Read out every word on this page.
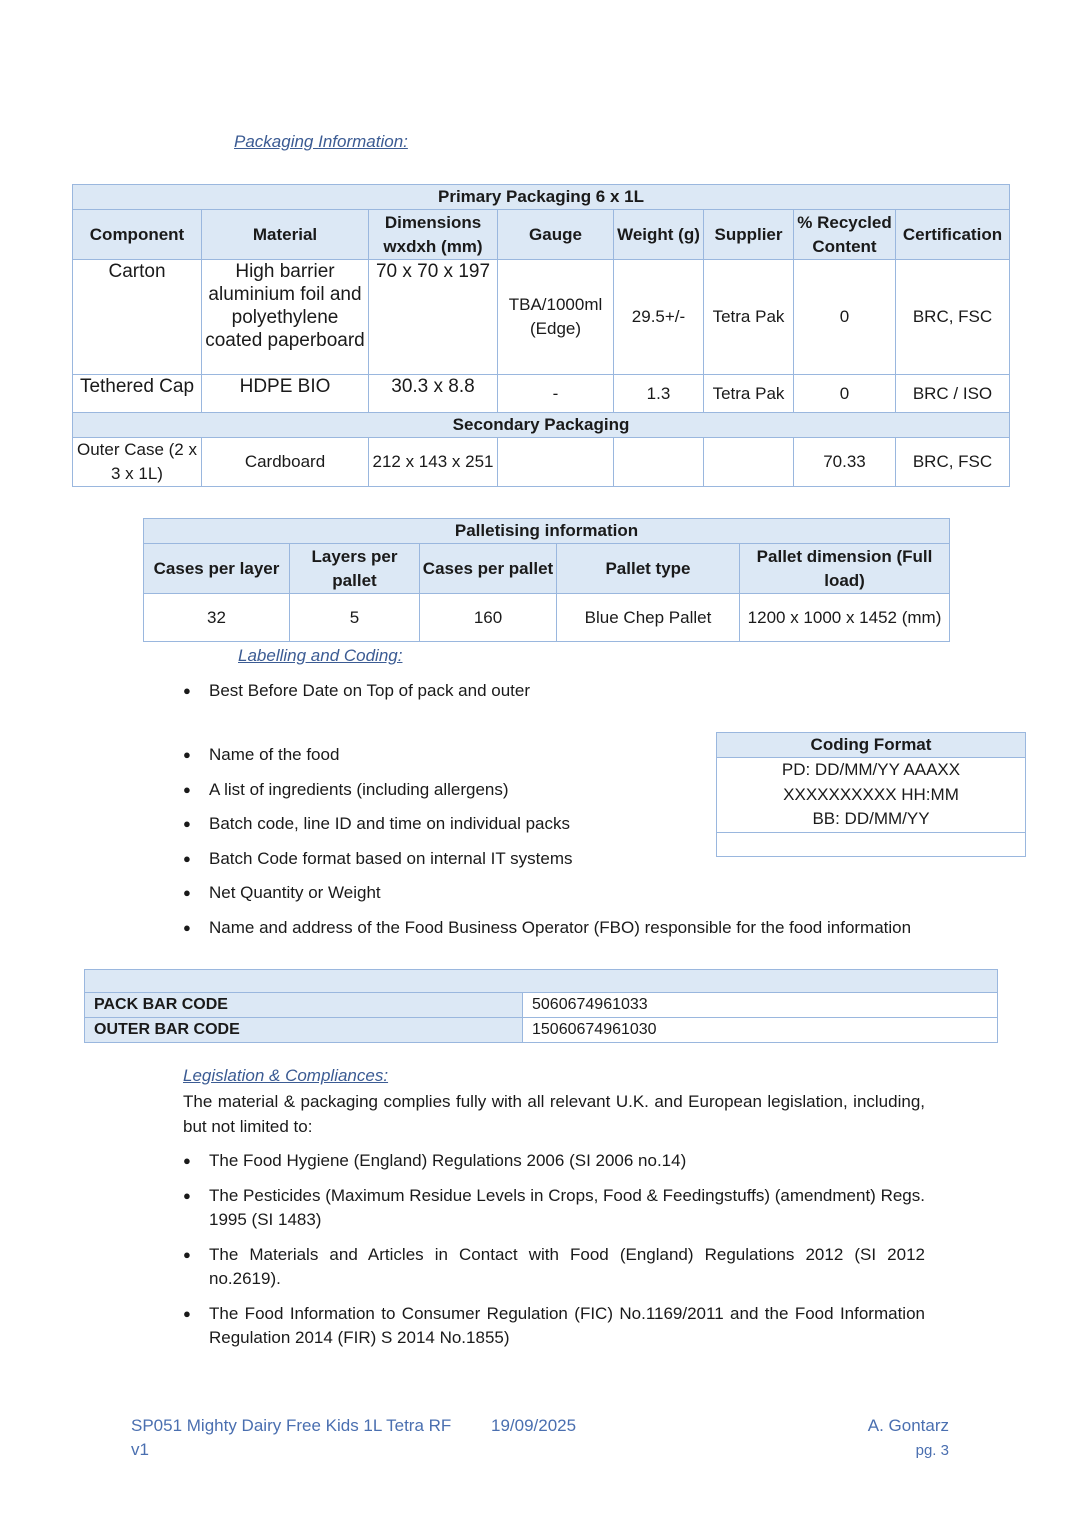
Packaging Information:
Primary Packaging 6 x 1L							
Component	Material	Dimensions wxdxh (mm)	Gauge	Weight (g)	Supplier	% Recycled Content	Certification
Carton	High barrier aluminium foil and polyethylene coated paperboard	70 x 70 x 197	TBA/1000ml (Edge)	29.5+/-	Tetra Pak	0	BRC, FSC
Tethered Cap	HDPE BIO	30.3 x 8.8	-	1.3	Tetra Pak	0	BRC / ISO
Secondary Packaging							
Outer Case (2 x 3 x 1L)	Cardboard	212 x 143 x 251				70.33	BRC, FSC
Palletising information				
Cases per layer	Layers per pallet	Cases per pallet	Pallet type	Pallet dimension (Full load)
32	5	160	Blue Chep Pallet	1200 x 1000 x 1452 (mm)
Labelling and Coding:
● Best Before Date on Top of pack and outer
● Name of the food
● A list of ingredients (including allergens)
● Batch code, line ID and time on individual packs
● Batch Code format based on internal IT systems
● Net Quantity or Weight
● Name and address of the Food Business Operator (FBO) responsible for the food information
Coding Format

PD: DD/MM/YY AAAXX
XXXXXXXXXX HH:MM
BB: DD/MM/YY

PACK BAR CODE	5060674961033
OUTER BAR CODE	15060674961030
Legislation & Compliances:
The material & packaging complies fully with all relevant U.K. and European legislation, including, but not limited to:
● The Food Hygiene (England) Regulations 2006 (SI 2006 no.14)
● The Pesticides (Maximum Residue Levels in Crops, Food & Feedingstuffs) (amendment) Regs. 1995 (SI 1483)
● The Materials and Articles in Contact with Food (England) Regulations 2012 (SI 2012 no.2619).
● The Food Information to Consumer Regulation (FIC) No.1169/2011 and the Food Information Regulation 2014 (FIR) S 2014 No.1855)
SP051 Mighty Dairy Free Kids 1L Tetra RF
v1
19/09/2025	A. Gontarz
pg. 3
